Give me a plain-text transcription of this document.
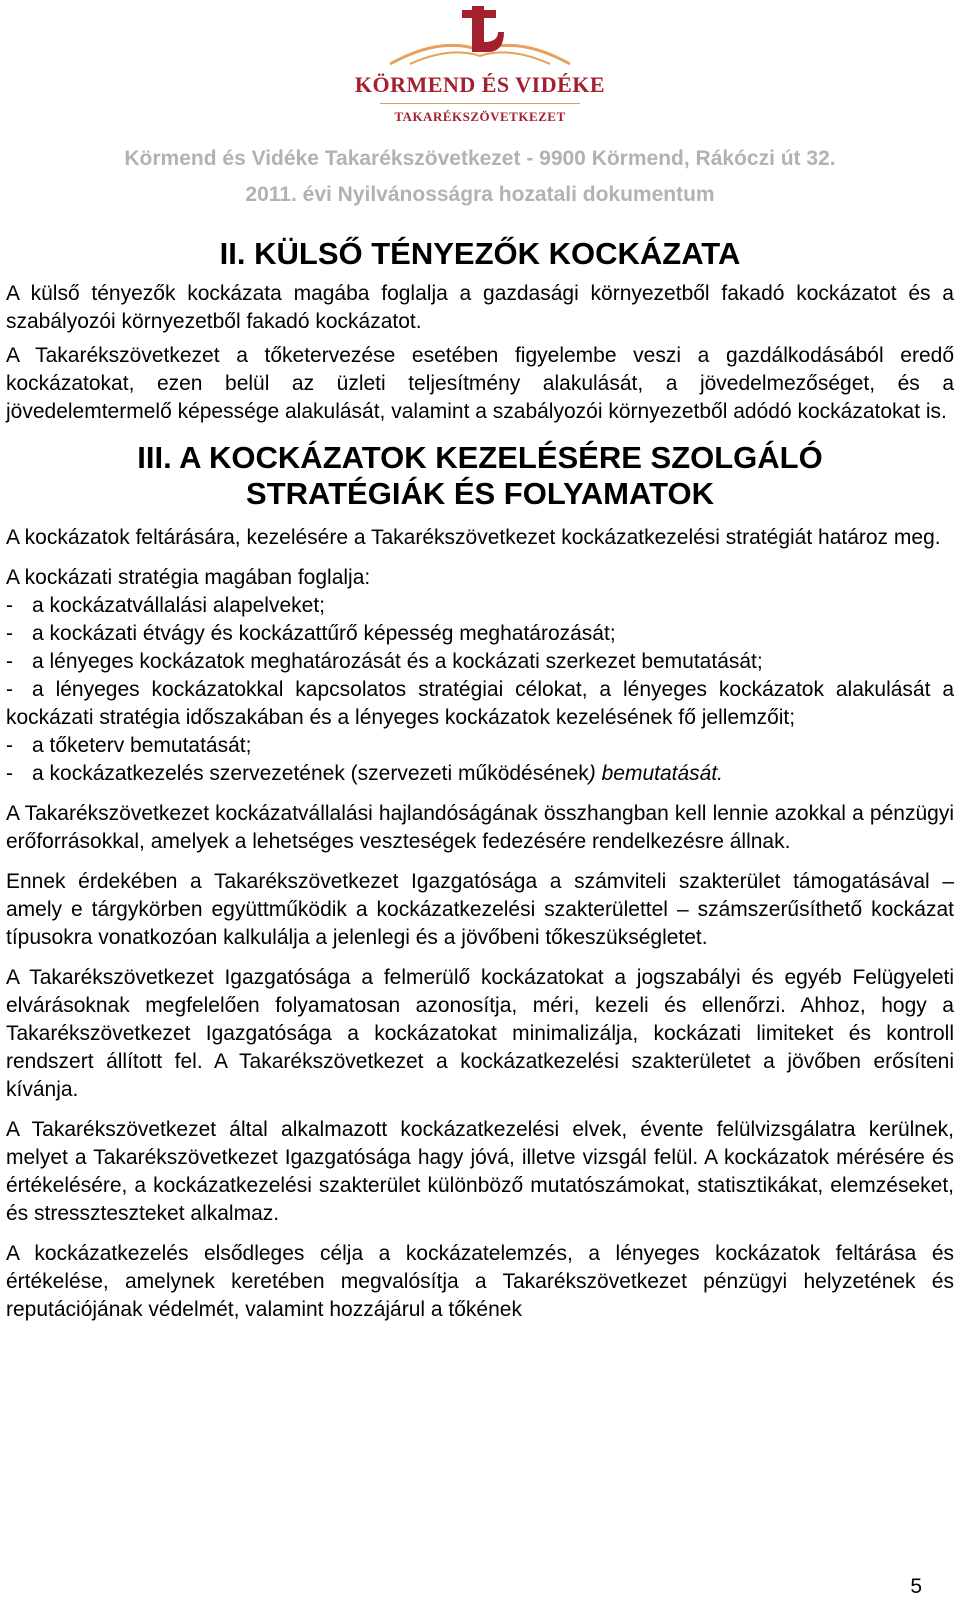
KÖRMEND ÉS VIDÉKE
TAKARÉKSZÖVETKEZET
Körmend és Vidéke Takarékszövetkezet - 9900 Körmend, Rákóczi út 32.
2011. évi Nyilvánosságra hozatali dokumentum
II. KÜLSŐ TÉNYEZŐK KOCKÁZATA

A külső tényezők kockázata magába foglalja a gazdasági környezetből fakadó kockázatot és a szabályozói környezetből fakadó kockázatot.

A Takarékszövetkezet a tőketervezése esetében figyelembe veszi a gazdálkodásából eredő kockázatokat, ezen belül az üzleti teljesítmény alakulását, a jövedelmezőséget, és a jövedelemtermelő képessége alakulását, valamint a szabályozói környezetből adódó kockázatokat is.

III. A KOCKÁZATOK KEZELÉSÉRE SZOLGÁLÓ
STRATÉGIÁK ÉS FOLYAMATOK

A kockázatok feltárására, kezelésére a Takarékszövetkezet kockázatkezelési stratégiát határoz meg.

A kockázati stratégia magában foglalja:

- a kockázatvállalási alapelveket;
- a kockázati étvágy és kockázattűrő képesség meghatározását;
- a lényeges kockázatok meghatározását és a kockázati szerkezet bemutatását;
- a lényeges kockázatokkal kapcsolatos stratégiai célokat, a lényeges kockázatok alakulását a kockázati stratégia időszakában és a lényeges kockázatok kezelésének fő jellemzőit;
- a tőketerv bemutatását;
- a kockázatkezelés szervezetének (szervezeti működésének) bemutatását.

A Takarékszövetkezet kockázatvállalási hajlandóságának összhangban kell lennie azokkal a pénzügyi erőforrásokkal, amelyek a lehetséges veszteségek fedezésére rendelkezésre állnak.

Ennek érdekében a Takarékszövetkezet Igazgatósága a számviteli szakterület támogatásával – amely e tárgykörben együttműködik a kockázatkezelési szakterülettel – számszerűsíthető kockázat típusokra vonatkozóan kalkulálja a jelenlegi és a jövőbeni tőkeszükségletet.

A Takarékszövetkezet Igazgatósága a felmerülő kockázatokat a jogszabályi és egyéb Felügyeleti elvárásoknak megfelelően folyamatosan azonosítja, méri, kezeli és ellenőrzi. Ahhoz, hogy a Takarékszövetkezet Igazgatósága a kockázatokat minimalizálja, kockázati limiteket és kontroll rendszert állított fel. A Takarékszövetkezet a kockázatkezelési szakterületet a jövőben erősíteni kívánja.

A Takarékszövetkezet által alkalmazott kockázatkezelési elvek, évente felülvizsgálatra kerülnek, melyet a Takarékszövetkezet Igazgatósága hagy jóvá, illetve vizsgál felül. A kockázatok mérésére és értékelésére, a kockázatkezelési szakterület különböző mutatószámokat, statisztikákat, elemzéseket, és stressztesztеket alkalmaz.

A kockázatkezelés elsődleges célja a kockázatelemzés, a lényeges kockázatok feltárása és értékelése, amelynek keretében megvalósítja a Takarékszövetkezet pénzügyi helyzetének és reputációjának védelmét, valamint hozzájárul a tőkének

5
